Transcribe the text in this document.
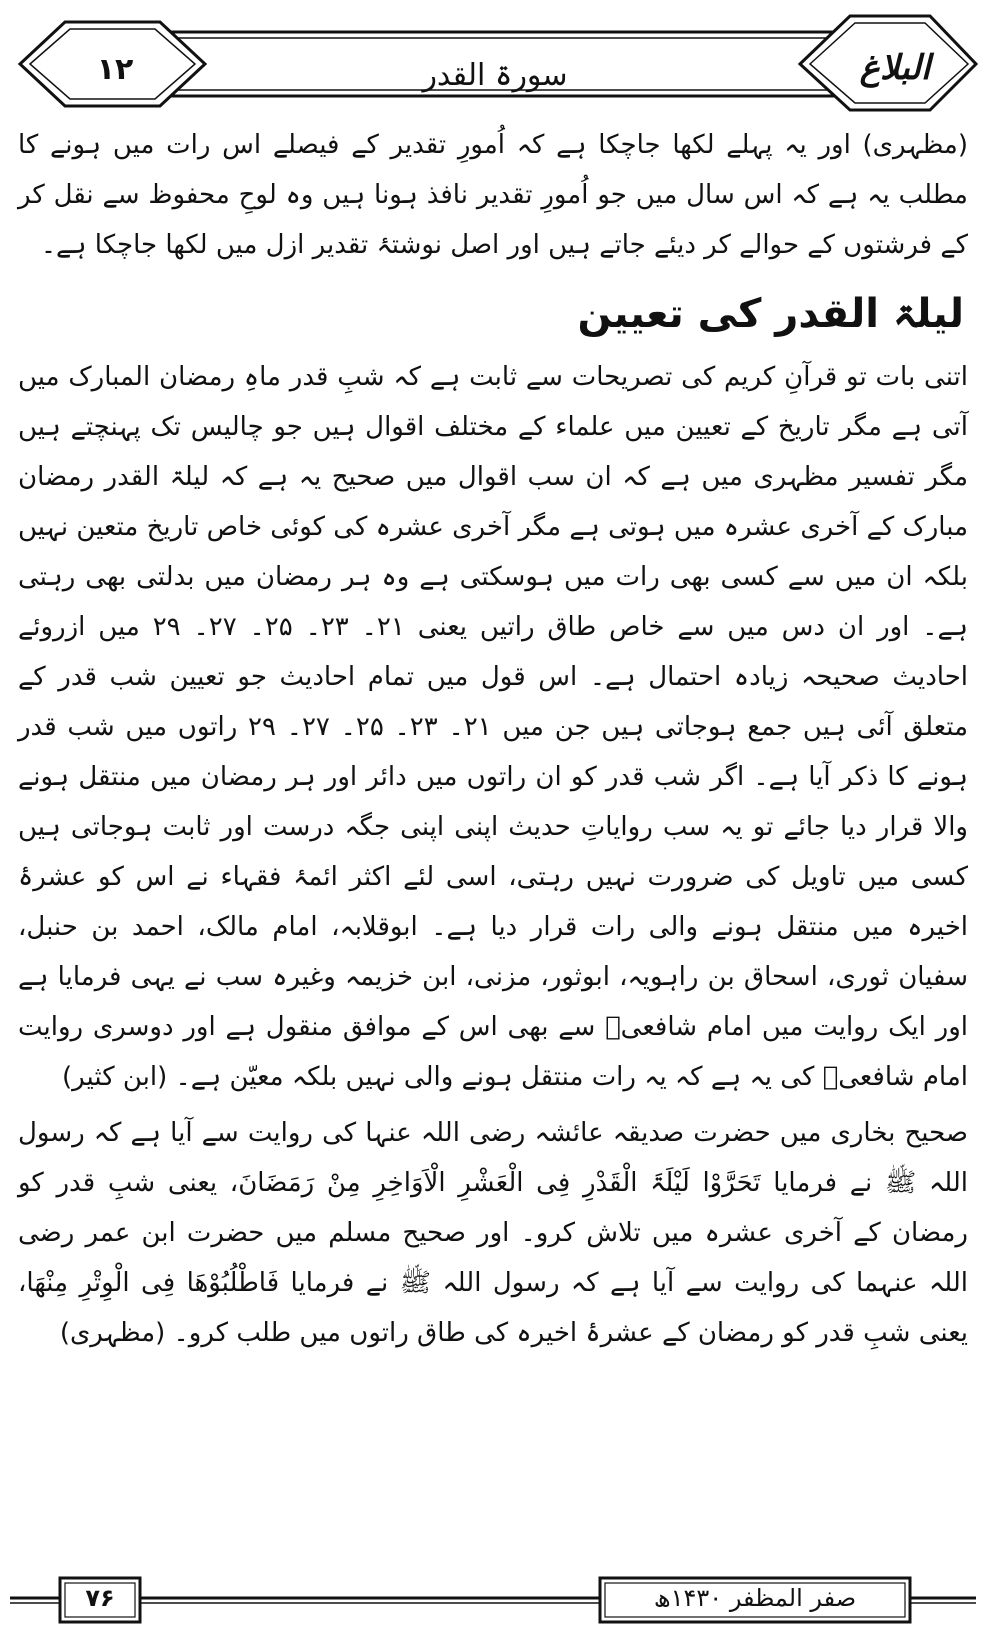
١٢	سورۃ القدر	البلاغ

(مظہری) اور یہ پہلے لکھا جاچکا ہے کہ اُمورِ تقدیر کے فیصلے اس رات میں ہونے کا مطلب یہ ہے کہ اس سال میں جو اُمورِ تقدیر نافذ ہونا ہیں وہ لوحِ محفوظ سے نقل کر کے فرشتوں کے حوالے کر دیئے جاتے ہیں اور اصل نوشتۂ تقدیر ازل میں لکھا جاچکا ہے۔

لیلۃ القدر کی تعیین

اتنی بات تو قرآنِ کریم کی تصریحات سے ثابت ہے کہ شبِ قدر ماہِ رمضان المبارک میں آتی ہے مگر تاریخ کے تعیین میں علماء کے مختلف اقوال ہیں جو چالیس تک پہنچتے ہیں مگر تفسیر مظہری میں ہے کہ ان سب اقوال میں صحیح یہ ہے کہ لیلۃ القدر رمضان مبارک کے آخری عشرہ میں ہوتی ہے مگر آخری عشرہ کی کوئی خاص تاریخ متعین نہیں بلکہ ان میں سے کسی بھی رات میں ہوسکتی ہے وہ ہر رمضان میں بدلتی بھی رہتی ہے۔ اور ان دس میں سے خاص طاق راتیں یعنی ۲۱۔ ۲۳۔ ۲۵۔ ۲۷۔ ۲۹ میں ازروئے احادیث صحیحہ زیادہ احتمال ہے۔ اس قول میں تمام احادیث جو تعیین شب قدر کے متعلق آئی ہیں جمع ہوجاتی ہیں جن میں ۲۱۔ ۲۳۔ ۲۵۔ ۲۷۔ ۲۹ راتوں میں شب قدر ہونے کا ذکر آیا ہے۔ اگر شب قدر کو ان راتوں میں دائر اور ہر رمضان میں منتقل ہونے والا قرار دیا جائے تو یہ سب روایاتِ حدیث اپنی اپنی جگہ درست اور ثابت ہوجاتی ہیں کسی میں تاویل کی ضرورت نہیں رہتی، اسی لئے اکثر ائمۂ فقہاء نے اس کو عشرۂ اخیرہ میں منتقل ہونے والی رات قرار دیا ہے۔ ابوقلابہ، امام مالک، احمد بن حنبل، سفیان ثوری، اسحاق بن راہویہ، ابوثور، مزنی، ابن خزیمہ وغیرہ سب نے یہی فرمایا ہے اور ایک روایت میں امام شافعیؒ سے بھی اس کے موافق منقول ہے اور دوسری روایت امام شافعیؒ کی یہ ہے کہ یہ رات منتقل ہونے والی نہیں بلکہ معیّن ہے۔ (ابن کثیر)

صحیح بخاری میں حضرت صدیقہ عائشہ رضی اللہ عنہا کی روایت سے آیا ہے کہ رسول اللہ ﷺ نے فرمایا تَحَرَّوْا لَیْلَۃَ الْقَدْرِ فِی الْعَشْرِ الْاَوَاخِرِ مِنْ رَمَضَانَ، یعنی شبِ قدر کو رمضان کے آخری عشرہ میں تلاش کرو۔ اور صحیح مسلم میں حضرت ابن عمر رضی اللہ عنہما کی روایت سے آیا ہے کہ رسول اللہ ﷺ نے فرمایا فَاطْلُبُوْهَا فِی الْوِتْرِ مِنْهَا، یعنی شبِ قدر کو رمضان کے عشرۂ اخیرہ کی طاق راتوں میں طلب کرو۔ (مظہری)

۷۶	صفر المظفر ۱۴۳۰ھ
